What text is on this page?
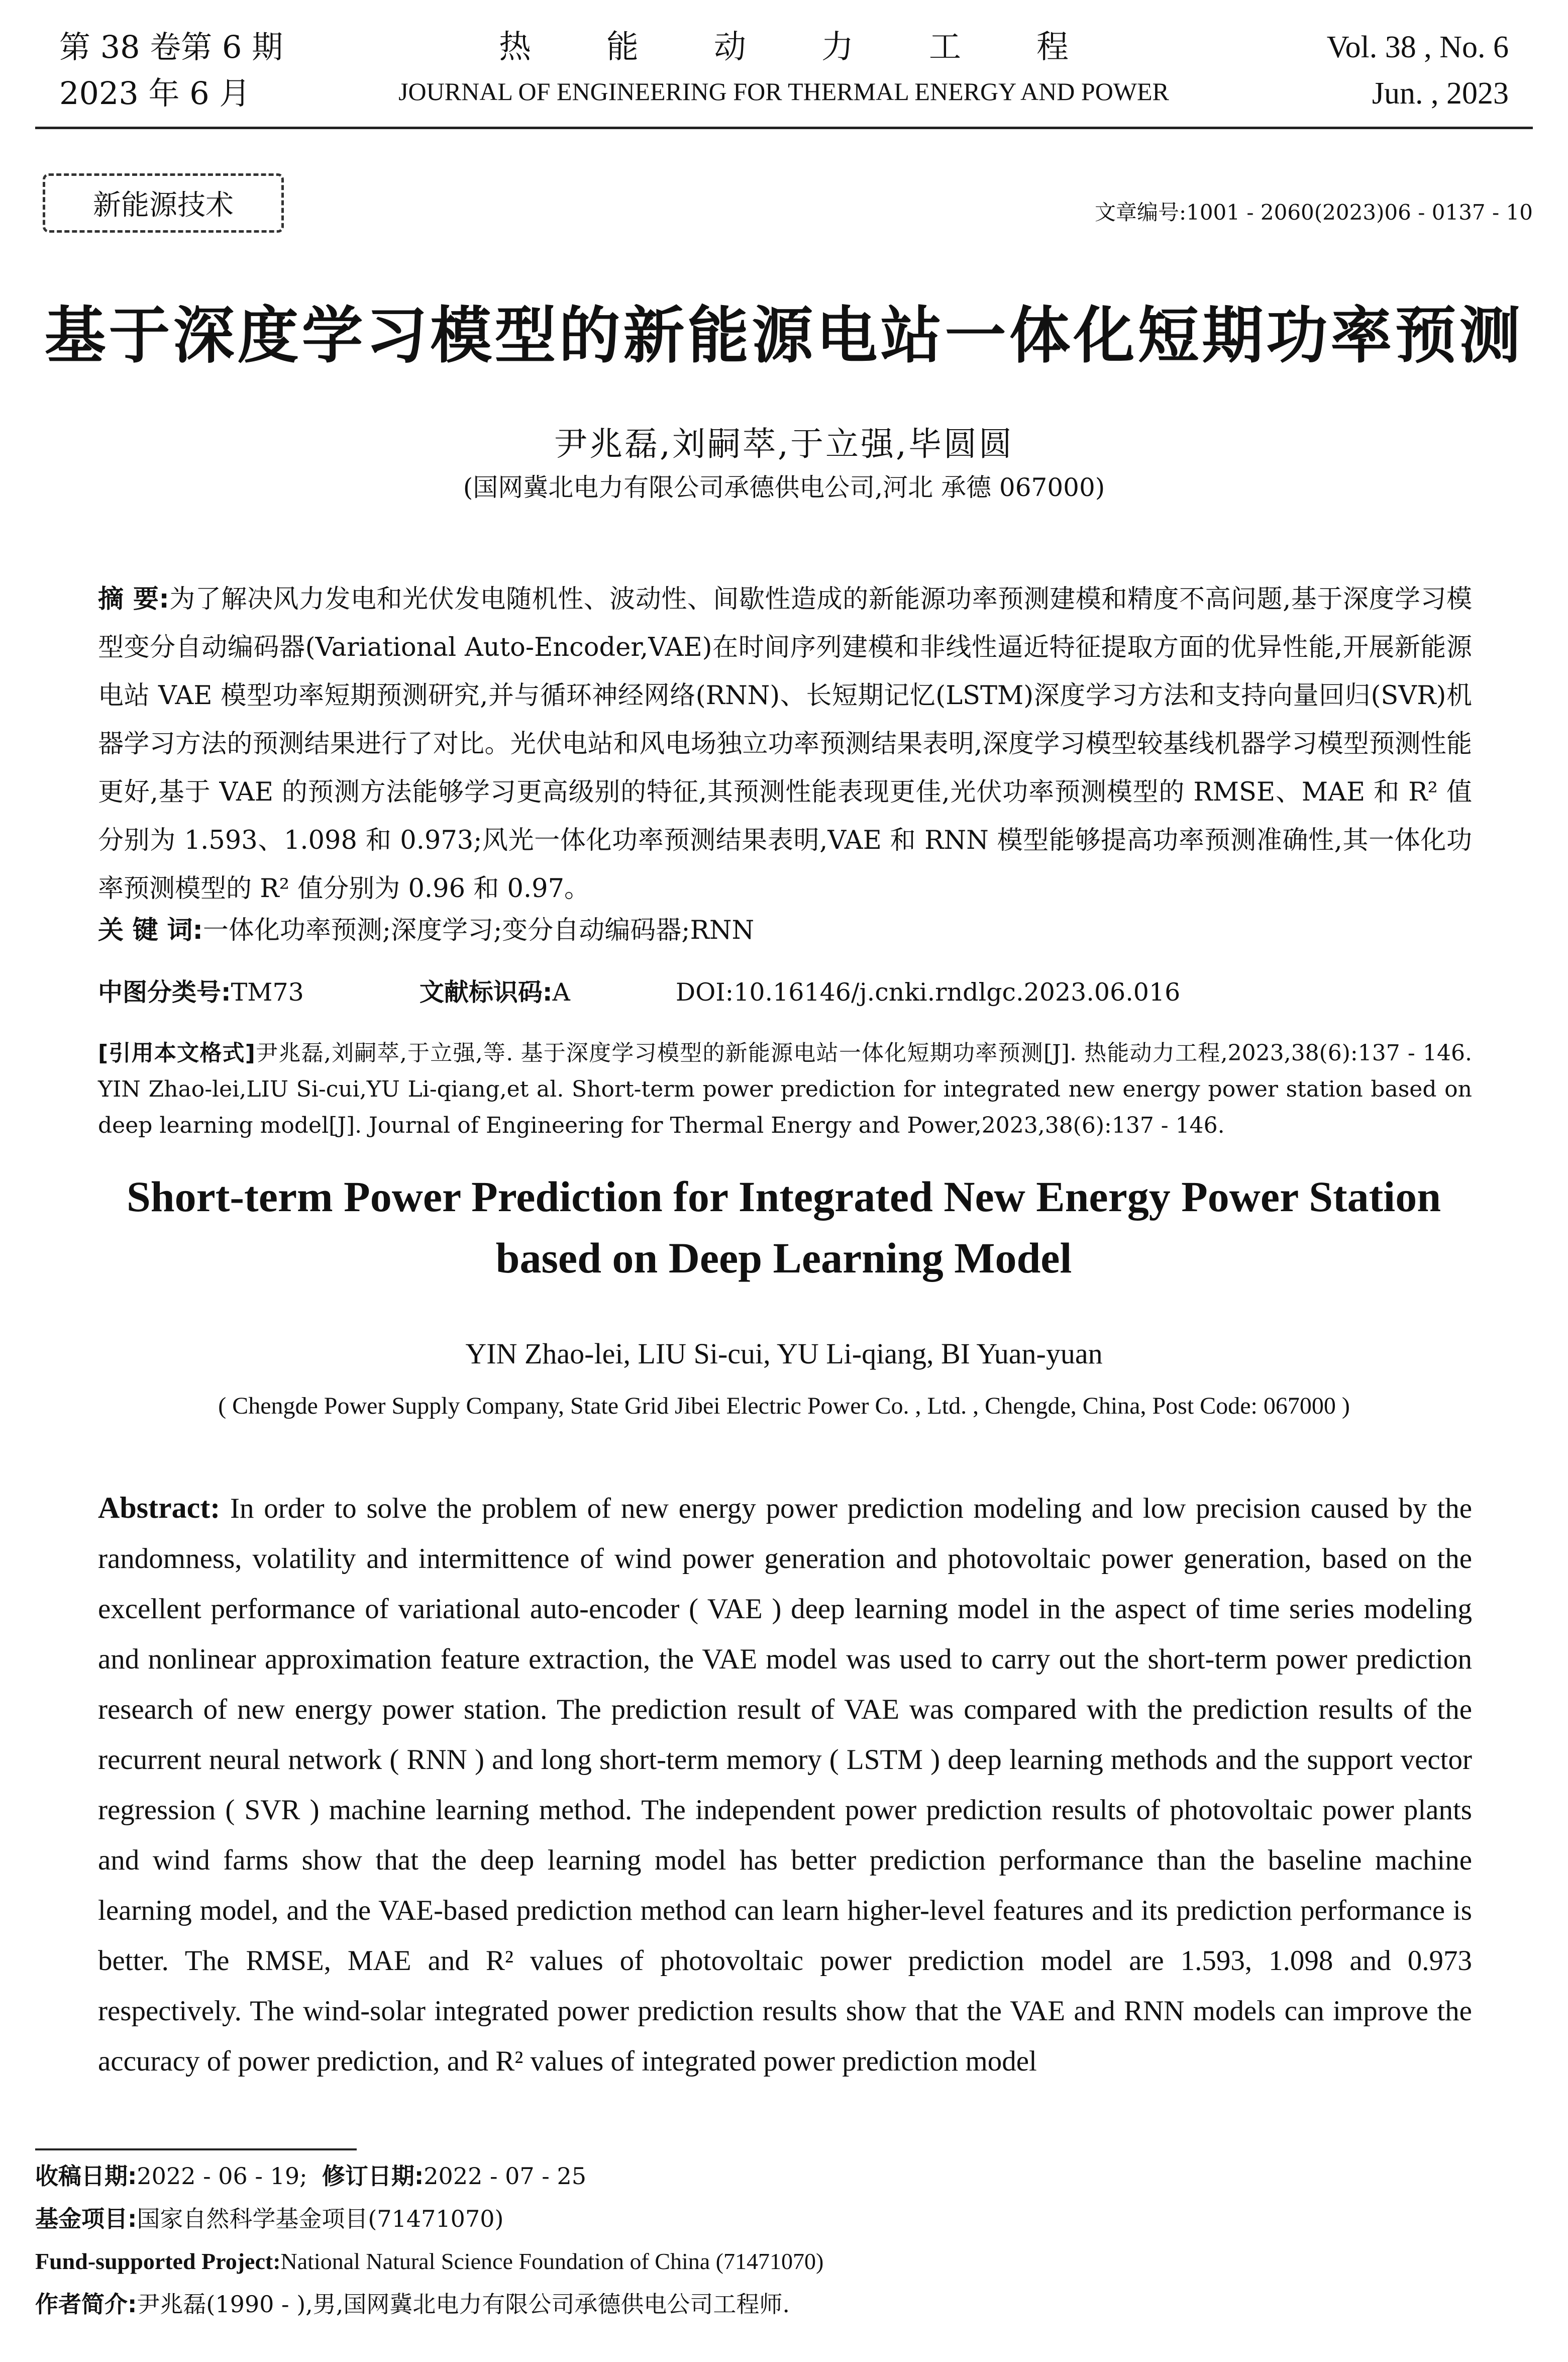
第 38 卷第 6 期
2023 年 6 月
热能动力工程
JOURNAL OF ENGINEERING FOR THERMAL ENERGY AND POWER
Vol. 38 , No. 6
Jun. , 2023
新能源技术	文章编号:1001 - 2060(2023)06 - 0137 - 10
基于深度学习模型的新能源电站一体化短期功率预测
尹兆磊,刘嗣萃,于立强,毕圆圆
(国网冀北电力有限公司承德供电公司,河北 承德 067000)
摘 要:为了解决风力发电和光伏发电随机性、波动性、间歇性造成的新能源功率预测建模和精度不高问题,基于深度学习模型变分自动编码器(Variational Auto-Encoder,VAE)在时间序列建模和非线性逼近特征提取方面的优异性能,开展新能源电站 VAE 模型功率短期预测研究,并与循环神经网络(RNN)、长短期记忆(LSTM)深度学习方法和支持向量回归(SVR)机器学习方法的预测结果进行了对比。光伏电站和风电场独立功率预测结果表明,深度学习模型较基线机器学习模型预测性能更好,基于 VAE 的预测方法能够学习更高级别的特征,其预测性能表现更佳,光伏功率预测模型的 RMSE、MAE 和 R² 值分别为 1.593、1.098 和 0.973;风光一体化功率预测结果表明,VAE 和 RNN 模型能够提高功率预测准确性,其一体化功率预测模型的 R² 值分别为 0.96 和 0.97。
关 键 词:一体化功率预测;深度学习;变分自动编码器;RNN
中图分类号:TM73	文献标识码:A	DOI:10.16146/j.cnki.rndlgc.2023.06.016
[引用本文格式]尹兆磊,刘嗣萃,于立强,等. 基于深度学习模型的新能源电站一体化短期功率预测[J]. 热能动力工程,2023,38(6):137 - 146. YIN Zhao-lei,LIU Si-cui,YU Li-qiang,et al. Short-term power prediction for integrated new energy power station based on deep learning model[J]. Journal of Engineering for Thermal Energy and Power,2023,38(6):137 - 146.
Short-term Power Prediction for Integrated New Energy Power Station
based on Deep Learning Model
YIN Zhao-lei, LIU Si-cui, YU Li-qiang, BI Yuan-yuan
( Chengde Power Supply Company, State Grid Jibei Electric Power Co. , Ltd. , Chengde, China, Post Code: 067000 )
Abstract: In order to solve the problem of new energy power prediction modeling and low precision caused by the randomness, volatility and intermittence of wind power generation and photovoltaic power generation, based on the excellent performance of variational auto-encoder ( VAE ) deep learning model in the aspect of time series modeling and nonlinear approximation feature extraction, the VAE model was used to carry out the short-term power prediction research of new energy power station. The prediction result of VAE was compared with the prediction results of the recurrent neural network ( RNN ) and long short-term memory ( LSTM ) deep learning methods and the support vector regression ( SVR ) machine learning method. The independent power prediction results of photovoltaic power plants and wind farms show that the deep learning model has better prediction performance than the baseline machine learning model, and the VAE-based prediction method can learn higher-level features and its prediction performance is better. The RMSE, MAE and R² values of photovoltaic power prediction model are 1.593, 1.098 and 0.973 respectively. The wind-solar integrated power prediction results show that the VAE and RNN models can improve the accuracy of power prediction, and R² values of integrated power prediction model
收稿日期:2022 - 06 - 19; 修订日期:2022 - 07 - 25
基金项目:国家自然科学基金项目(71471070)
Fund-supported Project:National Natural Science Foundation of China (71471070)
作者简介:尹兆磊(1990 - ),男,国网冀北电力有限公司承德供电公司工程师.
